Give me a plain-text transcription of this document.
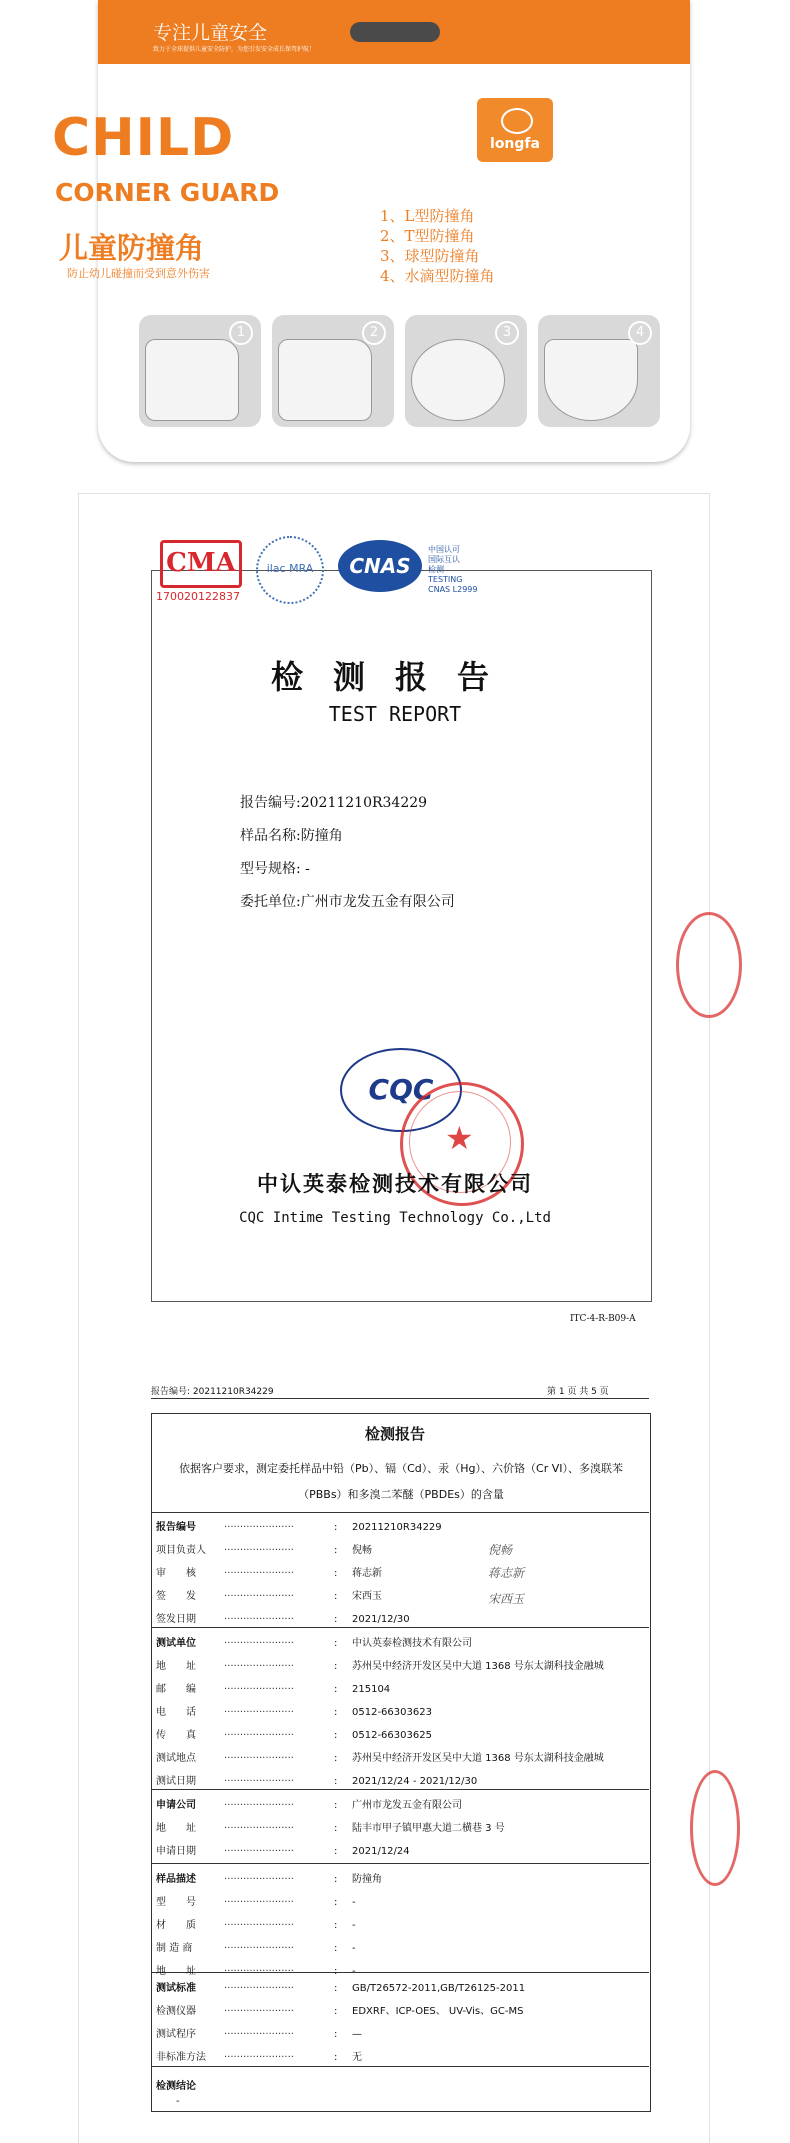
专注儿童安全
致力于全球提供儿童安全防护，为您引发安全成长保驾护航！
longfa
CHILD
CORNER GUARD
儿童防撞角
防止幼儿碰撞而受到意外伤害
1、L型防撞角
2、T型防撞角
3、球型防撞角
4、水滴型防撞角
1	2	3	4
CMA
170020122837
ilac MRA	CNAS
中国认可
国际互认
检测
TESTING
CNAS L2999
检测报告
TEST REPORT
报告编号:20211210R34229
样品名称:防撞角
型号规格: -
委托单位:广州市龙发五金有限公司
CQC
★
中认英泰检测技术有限公司
CQC Intime Testing Technology Co.,Ltd
ITC-4-R-B09-A
报告编号: 20211210R34229	第 1 页 共 5 页
检测报告
依据客户要求，测定委托样品中铅（Pb）、镉（Cd）、汞（Hg）、六价铬（Cr VI）、多溴联苯（PBBs）和多溴二苯醚（PBDEs）的含量
报告编号	......................	: 20211210R34229
项目负责人 ......................	: 倪畅
审　　核	......................	: 蒋志新
签　　发	......................	: 宋西玉
签发日期	......................	: 2021/12/30
测试单位	......................	: 中认英泰检测技术有限公司
地　　址	......................	: 苏州吴中经济开发区吴中大道 1368 号东太湖科技金融城
邮　　编	......................	: 215104
电　　话	......................	: 0512-66303623
传　　真	......................	: 0512-66303625
测试地点	......................	: 苏州吴中经济开发区吴中大道 1368 号东太湖科技金融城
测试日期	......................	: 2021/12/24 - 2021/12/30
申请公司	......................	: 广州市龙发五金有限公司
地　　址	......................	: 陆丰市甲子镇甲惠大道二横巷 3 号
申请日期	......................	: 2021/12/24
样品描述	......................	: 防撞角
型　　号	......................	: -
材　　质	......................	: -
制 造 商	......................	: -
地　　址	......................	: -
测试标准	......................	: GB/T26572-2011,GB/T26125-2011
检测仪器	......................	: EDXRF、ICP-OES、 UV-Vis、GC-MS
测试程序	......................	: —
非标准方法 ......................	: 无
倪畅
蒋志新
宋西玉
检测结论
-
